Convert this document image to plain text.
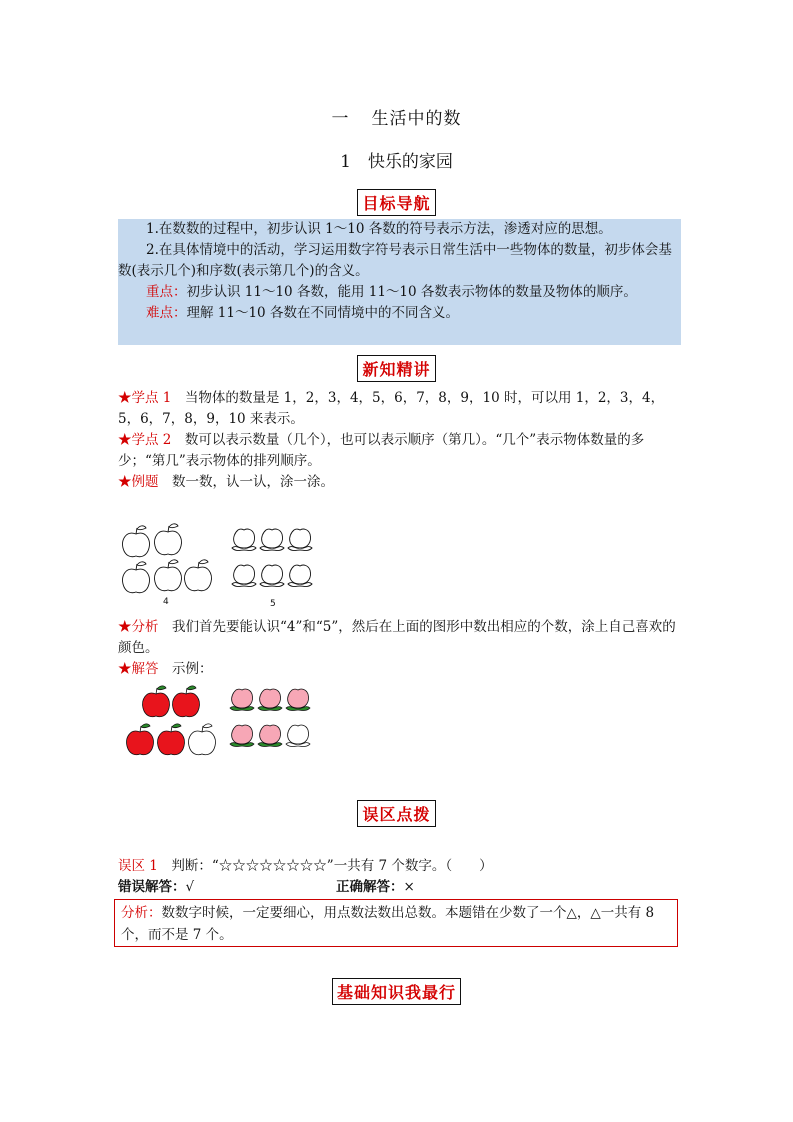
一 生活中的数
1　快乐的家园
目标导航

1.在数数的过程中，初步认识 1～10 各数的符号表示方法，渗透对应的思想。

2.在具体情境中的活动，学习运用数字符号表示日常生活中一些物体的数量，初步体会基数(表示几个)和序数(表示第几个)的含义。

重点：初步认识 11～10 各数，能用 11～10 各数表示物体的数量及物体的顺序。

难点：理解 11～10 各数在不同情境中的不同含义。

新知精讲
★学点 1　 当物体的数量是 1，2，3，4，5，6，7，8，9，10 时，可以用 1，2，3，4，5，6，7，8，9，10 来表示。
★学点 2　 数可以表示数量（几个），也可以表示顺序（第几）。“几个”表示物体数量的多少；“第几”表示物体的排列顺序。
★例题　 数一数，认一认，涂一涂。
4	5
★分析　 我们首先要能认识“4”和“5”，然后在上面的图形中数出相应的个数，涂上自己喜欢的颜色。
★解答　 示例：
误区点拨
误区 1　 判断：“☆☆☆☆☆☆☆☆”一共有 7 个数字。（　　）
错误解答：√	正确解答：×
分析：数数字时候，一定要细心，用点数法数出总数。本题错在少数了一个△，△一共有 8 个，而不是 7 个。
基础知识我最行
